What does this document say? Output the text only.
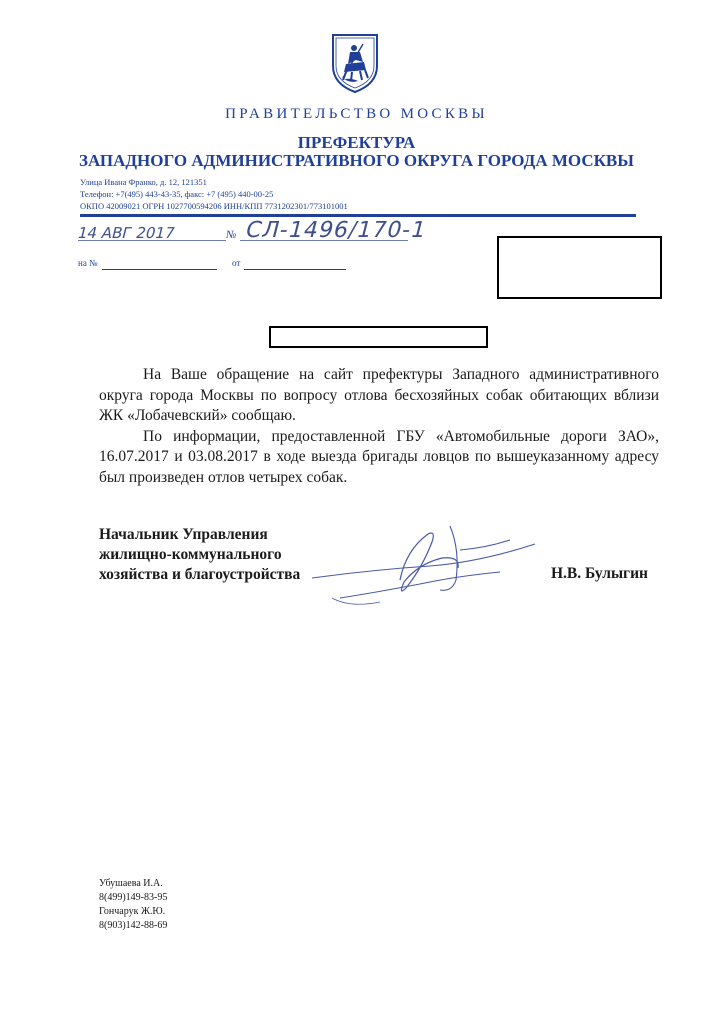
ПРАВИТЕЛЬСТВО МОСКВЫ
ПРЕФЕКТУРА
ЗАПАДНОГО АДМИНИСТРАТИВНОГО ОКРУГА ГОРОДА МОСКВЫ
Улица Ивана Франко, д. 12, 121351
Телефон: +7(495) 443-43-35, факс: +7 (495) 440-00-25
ОКПО 42009021 ОГРН 1027700594206 ИНН/КПП 7731202301/773101001
14 АВГ 2017	№ СЛ-1496/170-1
на №	от

На Ваше обращение на сайт префектуры Западного административного округа города Москвы по вопросу отлова бесхозяйных собак обитающих вблизи ЖК «Лобачевский» сообщаю.

По информации, предоставленной ГБУ «Автомобильные дороги ЗАО», 16.07.2017 и 03.08.2017 в ходе выезда бригады ловцов по вышеуказанному адресу был произведен отлов четырех собак.

Начальник Управления
жилищно-коммунального
хозяйства и благоустройства	Н.В. Булыгин
Убушаева И.А.
8(499)149-83-95
Гончарук Ж.Ю.
8(903)142-88-69
